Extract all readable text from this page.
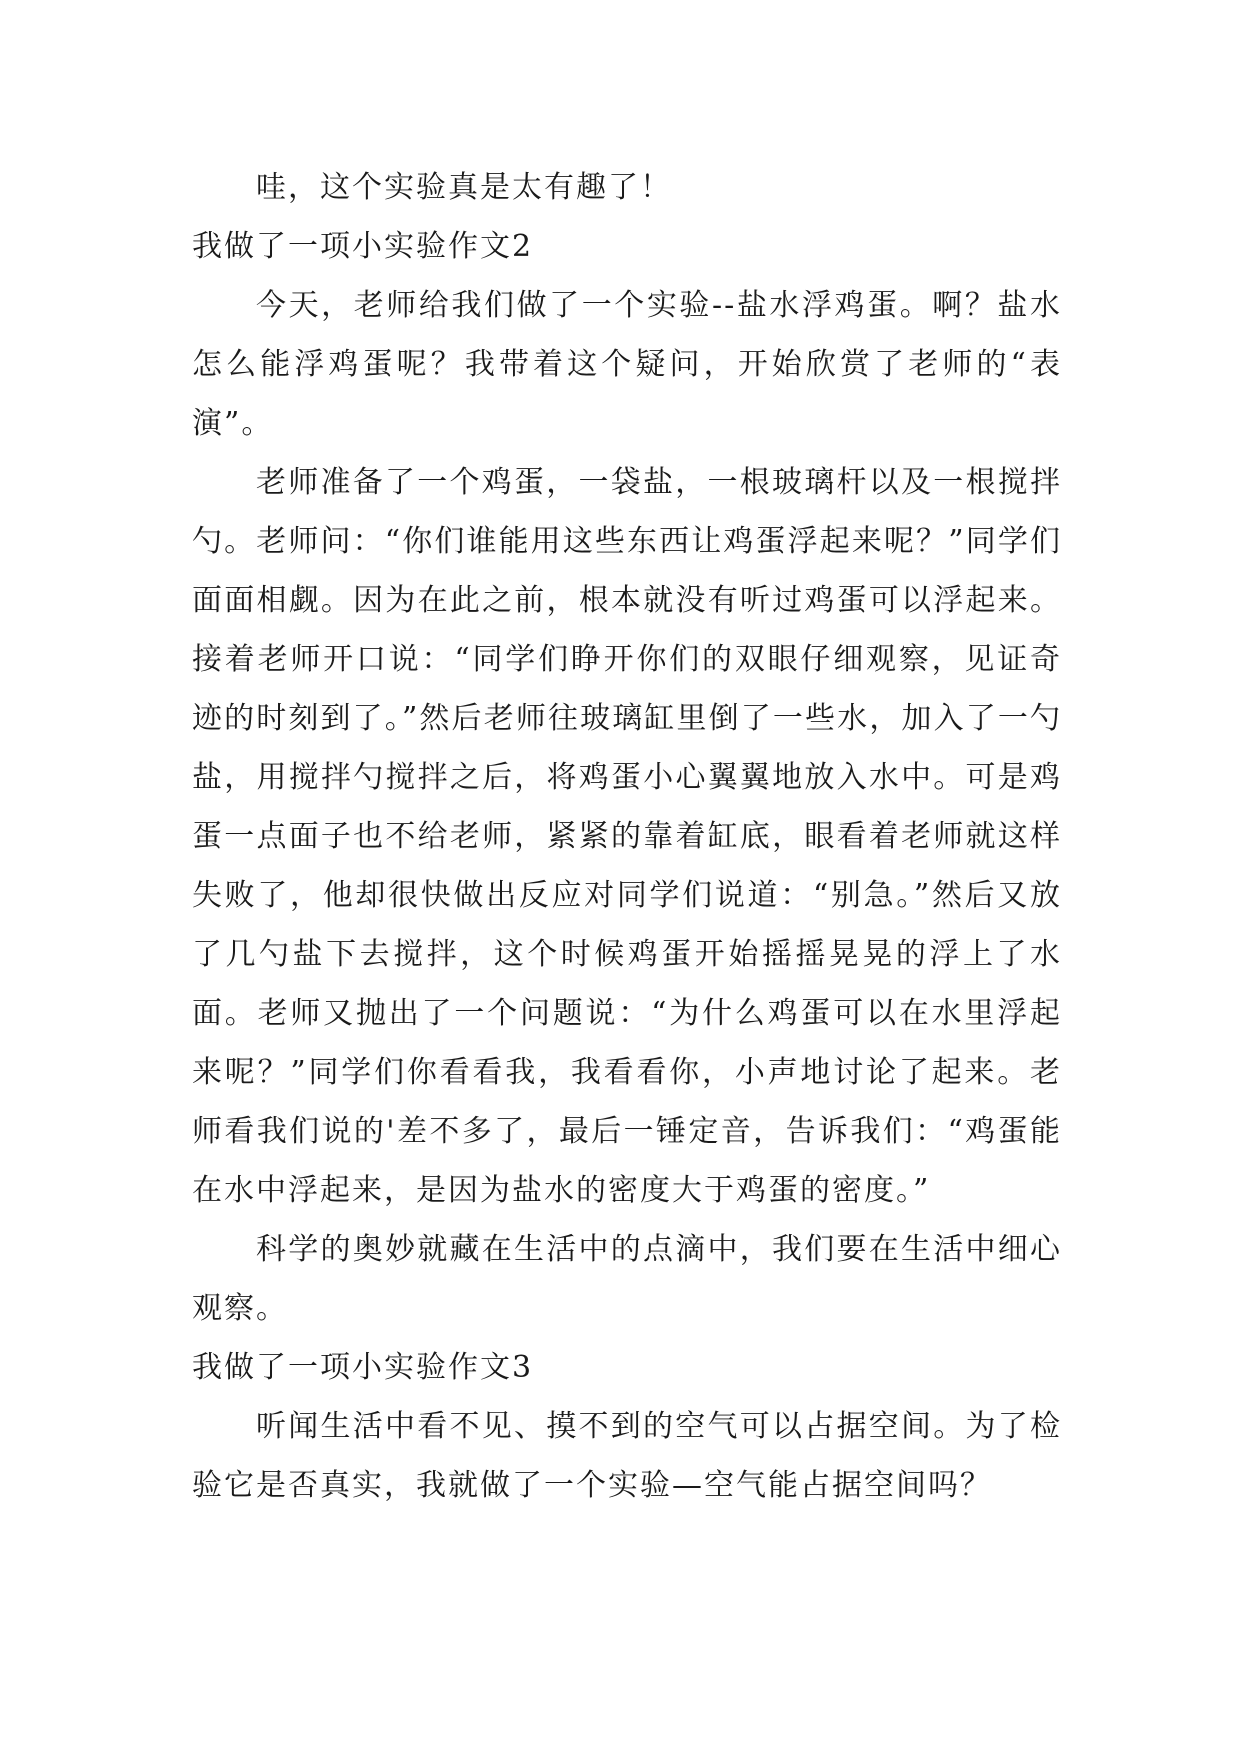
哇，这个实验真是太有趣了！

我做了一项小实验作文2

今天，老师给我们做了一个实验--盐水浮鸡蛋。啊？盐水怎么能浮鸡蛋呢？我带着这个疑问，开始欣赏了老师的“表演”。

老师准备了一个鸡蛋，一袋盐，一根玻璃杆以及一根搅拌勺。老师问：“你们谁能用这些东西让鸡蛋浮起来呢？”同学们面面相觑。因为在此之前，根本就没有听过鸡蛋可以浮起来。接着老师开口说：“同学们睁开你们的双眼仔细观察，见证奇迹的时刻到了。”然后老师往玻璃缸里倒了一些水，加入了一勺盐，用搅拌勺搅拌之后，将鸡蛋小心翼翼地放入水中。可是鸡蛋一点面子也不给老师，紧紧的靠着缸底，眼看着老师就这样失败了，他却很快做出反应对同学们说道：“别急。”然后又放了几勺盐下去搅拌，这个时候鸡蛋开始摇摇晃晃的浮上了水面。老师又抛出了一个问题说：“为什么鸡蛋可以在水里浮起来呢？”同学们你看看我，我看看你，小声地讨论了起来。老师看我们说的'差不多了，最后一锤定音，告诉我们：“鸡蛋能在水中浮起来，是因为盐水的密度大于鸡蛋的密度。”

科学的奥妙就藏在生活中的点滴中，我们要在生活中细心观察。

我做了一项小实验作文3

听闻生活中看不见、摸不到的空气可以占据空间。为了检验它是否真实，我就做了一个实验—空气能占据空间吗？
